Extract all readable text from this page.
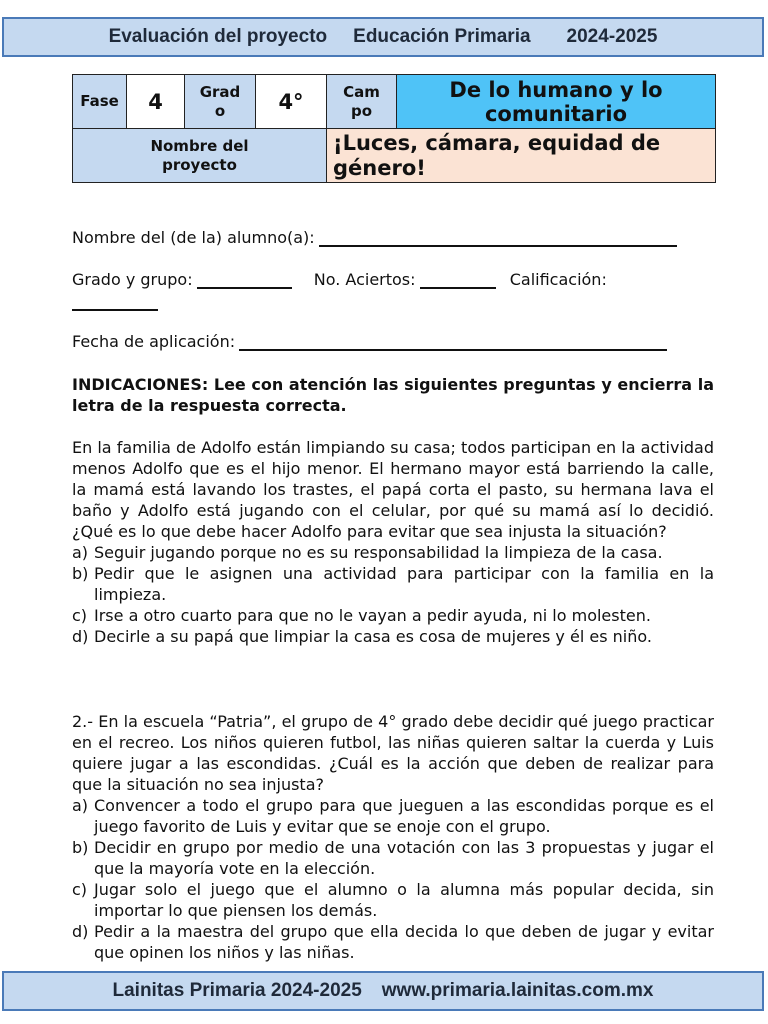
Evaluación del proyecto Educación Primaria 2024-2025
Fase	4	Grado	4°	Campo	De lo humano y lo comunitario
Nombre del proyecto				¡Luces, cámara, equidad de género!	
Nombre del (de la) alumno(a):
Grado y grupo:	No. Aciertos:	Calificación:
Fecha de aplicación:
INDICACIONES: Lee con atención las siguientes preguntas y encierra la letra de la respuesta correcta.
En la familia de Adolfo están limpiando su casa; todos participan en la actividad menos Adolfo que es el hijo menor. El hermano mayor está barriendo la calle, la mamá está lavando los trastes, el papá corta el pasto, su hermana lava el baño y Adolfo está jugando con el celular, por qué su mamá así lo decidió. ¿Qué es lo que debe hacer Adolfo para evitar que sea injusta la situación?
a) Seguir jugando porque no es su responsabilidad la limpieza de la casa.
b) Pedir que le asignen una actividad para participar con la familia en la limpieza.
c) Irse a otro cuarto para que no le vayan a pedir ayuda, ni lo molesten.
d) Decirle a su papá que limpiar la casa es cosa de mujeres y él es niño.
2.- En la escuela “Patria”, el grupo de 4° grado debe decidir qué juego practicar en el recreo. Los niños quieren futbol, las niñas quieren saltar la cuerda y Luis quiere jugar a las escondidas. ¿Cuál es la acción que deben de realizar para que la situación no sea injusta?
a) Convencer a todo el grupo para que jueguen a las escondidas porque es el juego favorito de Luis y evitar que se enoje con el grupo.
b) Decidir en grupo por medio de una votación con las 3 propuestas y jugar el que la mayoría vote en la elección.
c) Jugar solo el juego que el alumno o la alumna más popular decida, sin importar lo que piensen los demás.
d) Pedir a la maestra del grupo que ella decida lo que deben de jugar y evitar que opinen los niños y las niñas.
Lainitas Primaria 2024-2025 www.primaria.lainitas.com.mx
